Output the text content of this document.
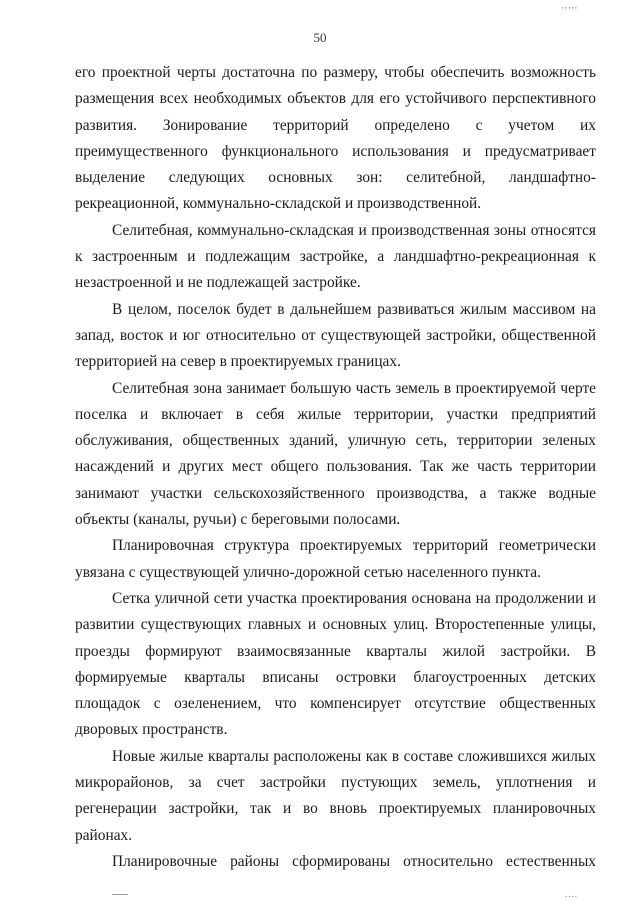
,,,,,
50

его проектной черты достаточна по размеру, чтобы обеспечить возможность размещения всех необходимых объектов для его устойчивого перспективного развития. Зонирование территорий определено с учетом их преимущественного функционального использования и предусматривает выделение следующих основных зон: селитебной, ландшафтно-рекреационной, коммунально-складской и производственной.

Селитебная, коммунально-складская и производственная зоны относятся к застроенным и подлежащим застройке, а ландшафтно-рекреационная к незастроенной и не подлежащей застройке.

В целом, поселок будет в дальнейшем развиваться жилым массивом на запад, восток и юг относительно от существующей застройки, общественной территорией на север в проектируемых границах.

Селитебная зона занимает большую часть земель в проектируемой черте поселка и включает в себя жилые территории, участки предприятий обслуживания, общественных зданий, уличную сеть, территории зеленых насаждений и других мест общего пользования. Так же часть территории занимают участки сельскохозяйственного производства, а также водные объекты (каналы, ручьи) с береговыми полосами.

Планировочная структура проектируемых территорий геометрически увязана с существующей улично-дорожной сетью населенного пункта.

Сетка уличной сети участка проектирования основана на продолжении и развитии существующих главных и основных улиц. Второстепенные улицы, проезды формируют взаимосвязанные кварталы жилой застройки. В формируемые кварталы вписаны островки благоустроенных детских площадок с озеленением, что компенсирует отсутствие общественных дворовых пространств.

Новые жилые кварталы расположены как в составе сложившихся жилых микрорайонов, за счет застройки пустующих земель, уплотнения и регенерации застройки, так и во вновь проектируемых планировочных районах.

Планировочные районы сформированы относительно естественных

....
